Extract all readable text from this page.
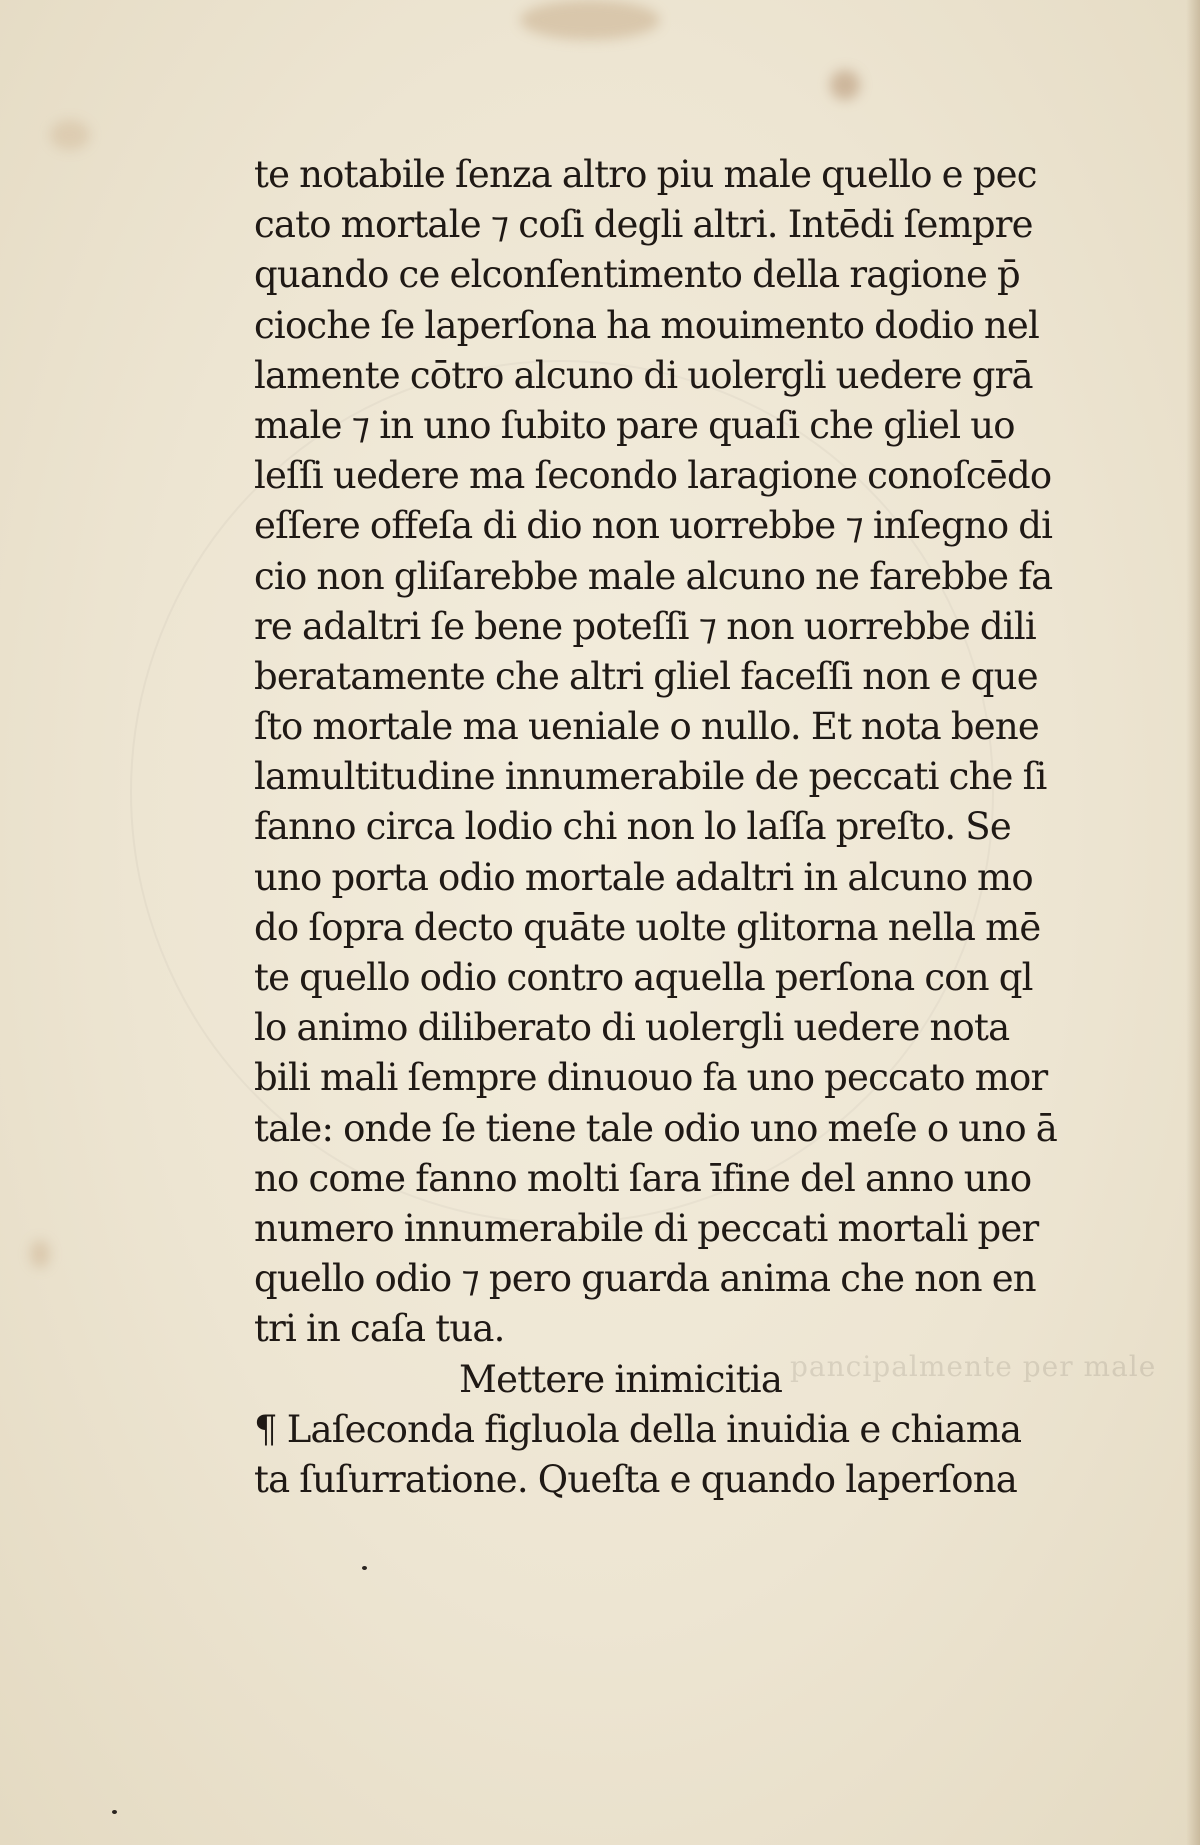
pancipalmente per male
te notabile ſenza altro piu male quello e pec
cato mortale ⁊ coſi degli altri. Intēdi ſempre
quando ce elconſentimento della ragione p̄
cioche ſe laperſona ha mouimento dodio nel
lamente cōtro alcuno di uolergli uedere grā
male ⁊ in uno ſubito pare quaſi che gliel uo
leſſi uedere ma ſecondo laragione conoſcēdo
eſſere offeſa di dio non uorrebbe ⁊ inſegno di
cio non gliſarebbe male alcuno ne farebbe fa
re adaltri ſe bene poteſſi ⁊ non uorrebbe dili
beratamente che altri gliel faceſſi non e que
ſto mortale ma ueniale o nullo. Et nota bene
lamultitudine innumerabile de peccati che ſi
fanno circa lodio chi non lo laſſa preſto. Se
uno porta odio mortale adaltri in alcuno mo
do ſopra decto quāte uolte glitorna nella mē
te quello odio contro aquella perſona con ql
lo animo diliberato di uolergli uedere nota
bili mali ſempre dinuouo fa uno peccato mor
tale: onde ſe tiene tale odio uno meſe o uno ā
no come fanno molti ſara īfine del anno uno
numero innumerabile di peccati mortali per
quello odio ⁊ pero guarda anima che non en
tri in caſa tua.
Mettere inimicitia
¶ Laſeconda figluola della inuidia e chiama
ta ſuſurratione. Queſta e quando laperſona
